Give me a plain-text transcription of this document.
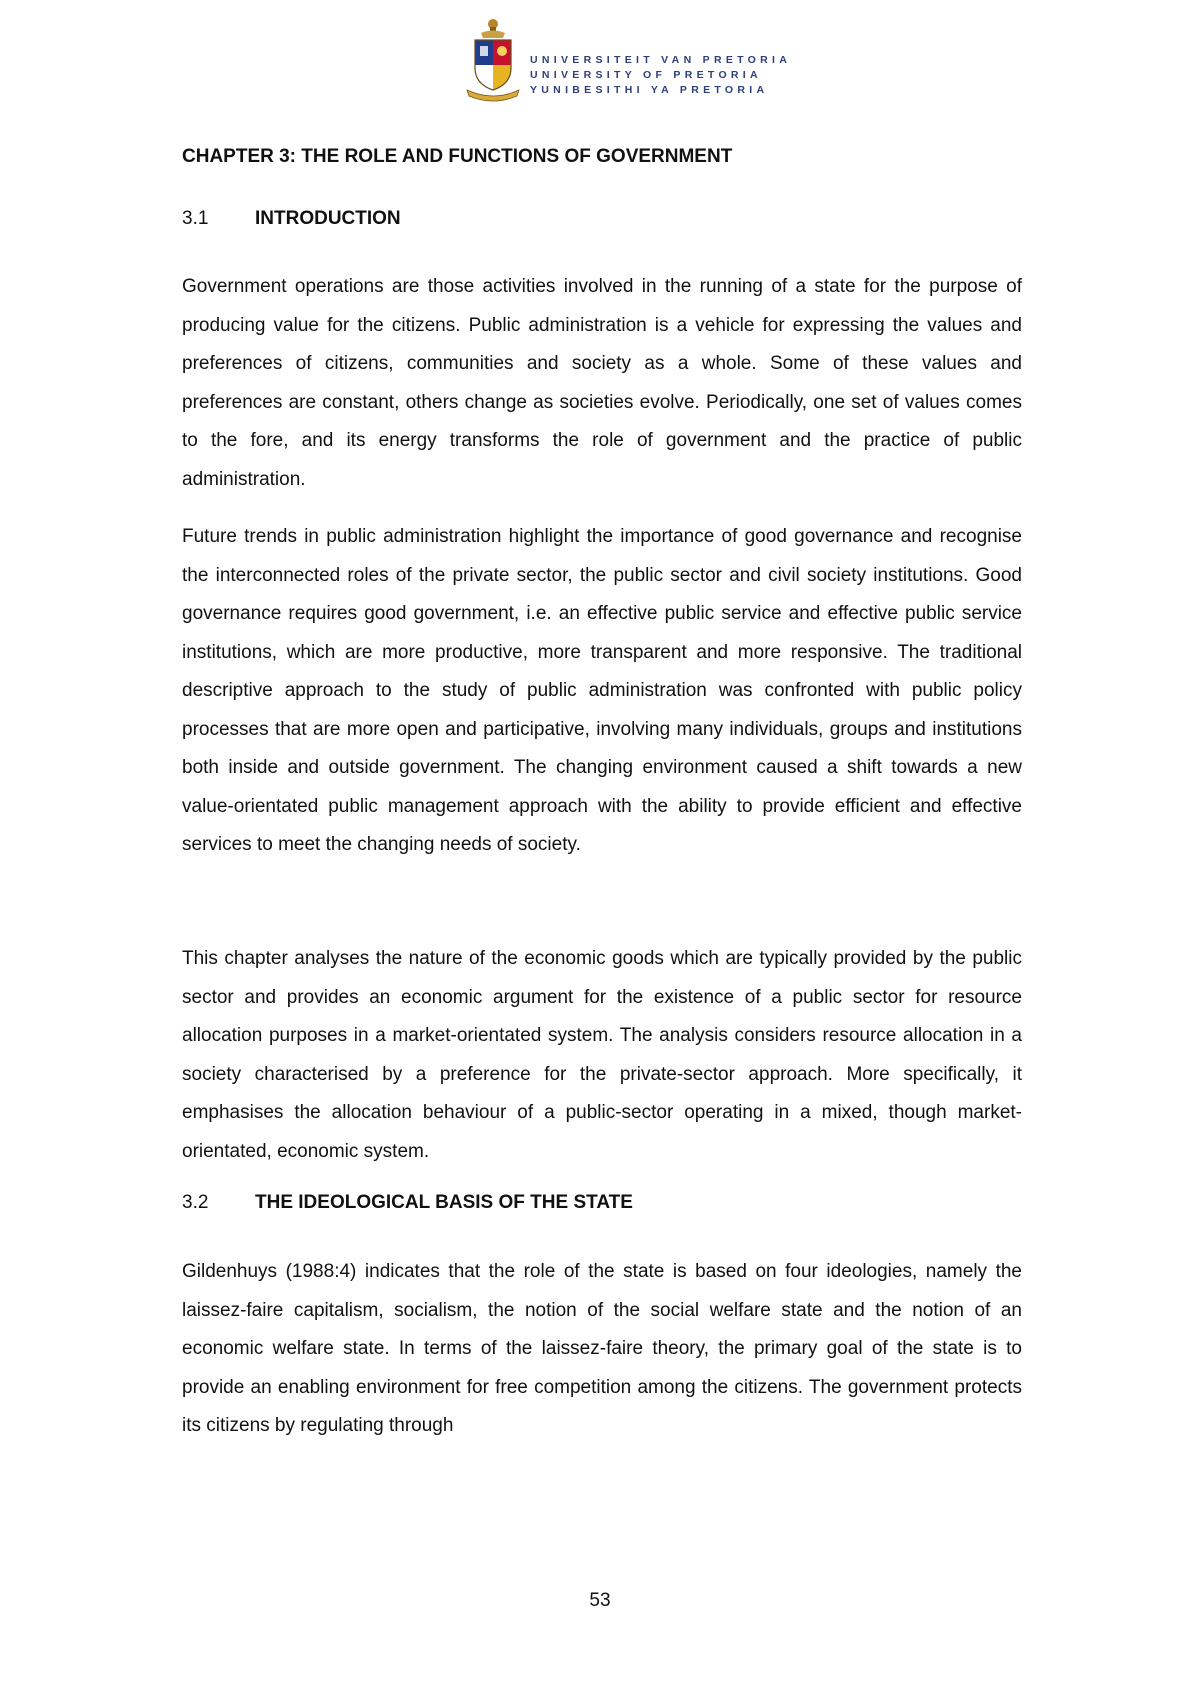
UNIVERSITEIT VAN PRETORIA
UNIVERSITY OF PRETORIA
YUNIBESITHI YA PRETORIA
CHAPTER 3: THE ROLE AND FUNCTIONS OF GOVERNMENT
3.1 INTRODUCTION

Government operations are those activities involved in the running of a state for the purpose of producing value for the citizens. Public administration is a vehicle for expressing the values and preferences of citizens, communities and society as a whole. Some of these values and preferences are constant, others change as societies evolve. Periodically, one set of values comes to the fore, and its energy transforms the role of government and the practice of public administration.

Future trends in public administration highlight the importance of good governance and recognise the interconnected roles of the private sector, the public sector and civil society institutions. Good governance requires good government, i.e. an effective public service and effective public service institutions, which are more productive, more transparent and more responsive. The traditional descriptive approach to the study of public administration was confronted with public policy processes that are more open and participative, involving many individuals, groups and institutions both inside and outside government. The changing environment caused a shift towards a new value-orientated public management approach with the ability to provide efficient and effective services to meet the changing needs of society.

This chapter analyses the nature of the economic goods which are typically provided by the public sector and provides an economic argument for the existence of a public sector for resource allocation purposes in a market-orientated system. The analysis considers resource allocation in a society characterised by a preference for the private-sector approach. More specifically, it emphasises the allocation behaviour of a public-sector operating in a mixed, though market-orientated, economic system.

3.2 THE IDEOLOGICAL BASIS OF THE STATE

Gildenhuys (1988:4) indicates that the role of the state is based on four ideologies, namely the laissez-faire capitalism, socialism, the notion of the social welfare state and the notion of an economic welfare state. In terms of the laissez-faire theory, the primary goal of the state is to provide an enabling environment for free competition among the citizens. The government protects its citizens by regulating through

53
